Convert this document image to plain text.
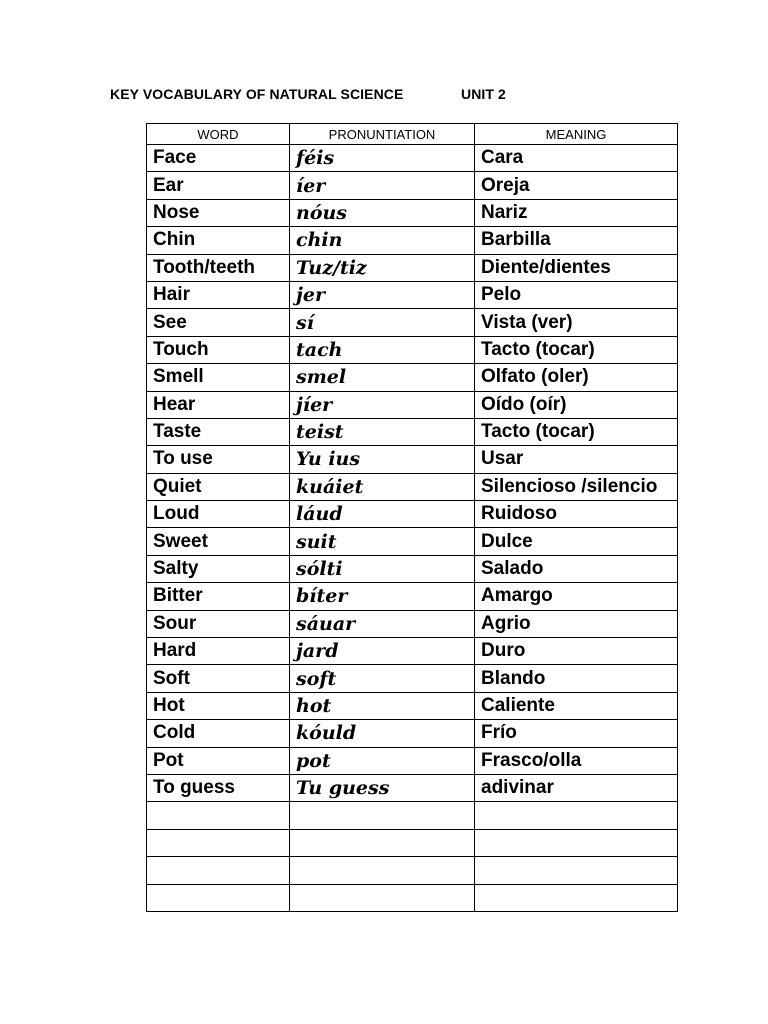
KEY VOCABULARY OF NATURAL SCIENCE	UNIT 2
WORD	PRONUNTIATION	MEANING
Face	féis	Cara
Ear	íer	Oreja
Nose	nóus	Nariz
Chin	chin	Barbilla
Tooth/teeth	Tuz/tiz	Diente/dientes
Hair	jer	Pelo
See	sí	Vista (ver)
Touch	tach	Tacto (tocar)
Smell	smel	Olfato (oler)
Hear	jíer	Oído (oír)
Taste	teist	Tacto (tocar)
To use	Yu ius	Usar
Quiet	kuáiet	Silencioso /silencio
Loud	láud	Ruidoso
Sweet	suit	Dulce
Salty	sólti	Salado
Bitter	bíter	Amargo
Sour	sáuar	Agrio
Hard	jard	Duro
Soft	soft	Blando
Hot	hot	Caliente
Cold	kóuld	Frío
Pot	pot	Frasco/olla
To guess	Tu guess	adivinar
